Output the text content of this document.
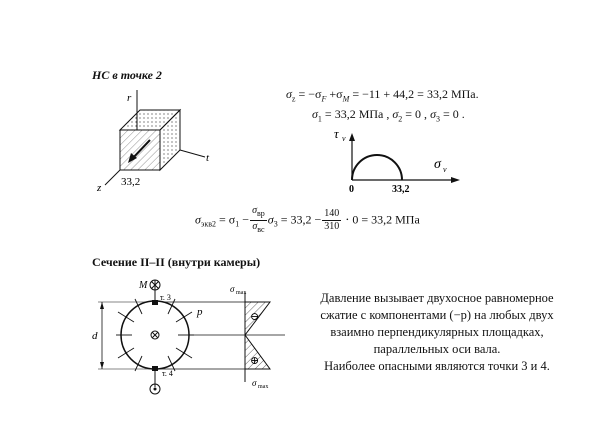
НС в точке 2
r
t
z 33,2
$\sigma_z = -\sigma_F +\sigma_M = -11 + 44,2 = 33,2$ МПа.
$\sigma_1 = 33,2$ МПа , $\sigma_2 = 0$ , $\sigma_3 = 0$ .
τ ν
σ ν
0	33,2
$\sigma_{экв2} = \sigma_1 - \frac{\sigma_{вр}}{\sigma_{вс}} \sigma_3 = 33,2 - \frac{140}{310} \cdot 0 = 33,2$ МПа
Сечение II–II (внутри камеры)
M
d
т. 3
т. 4
p
σ max
σ max
⊖
⊕
Давление вызывает двухосное равномерное
сжатие с компонентами (−p) на любых двух
взаимно перпендикулярных площадках,
параллельных оси вала.
Наиболее опасными являются точки 3 и 4.
